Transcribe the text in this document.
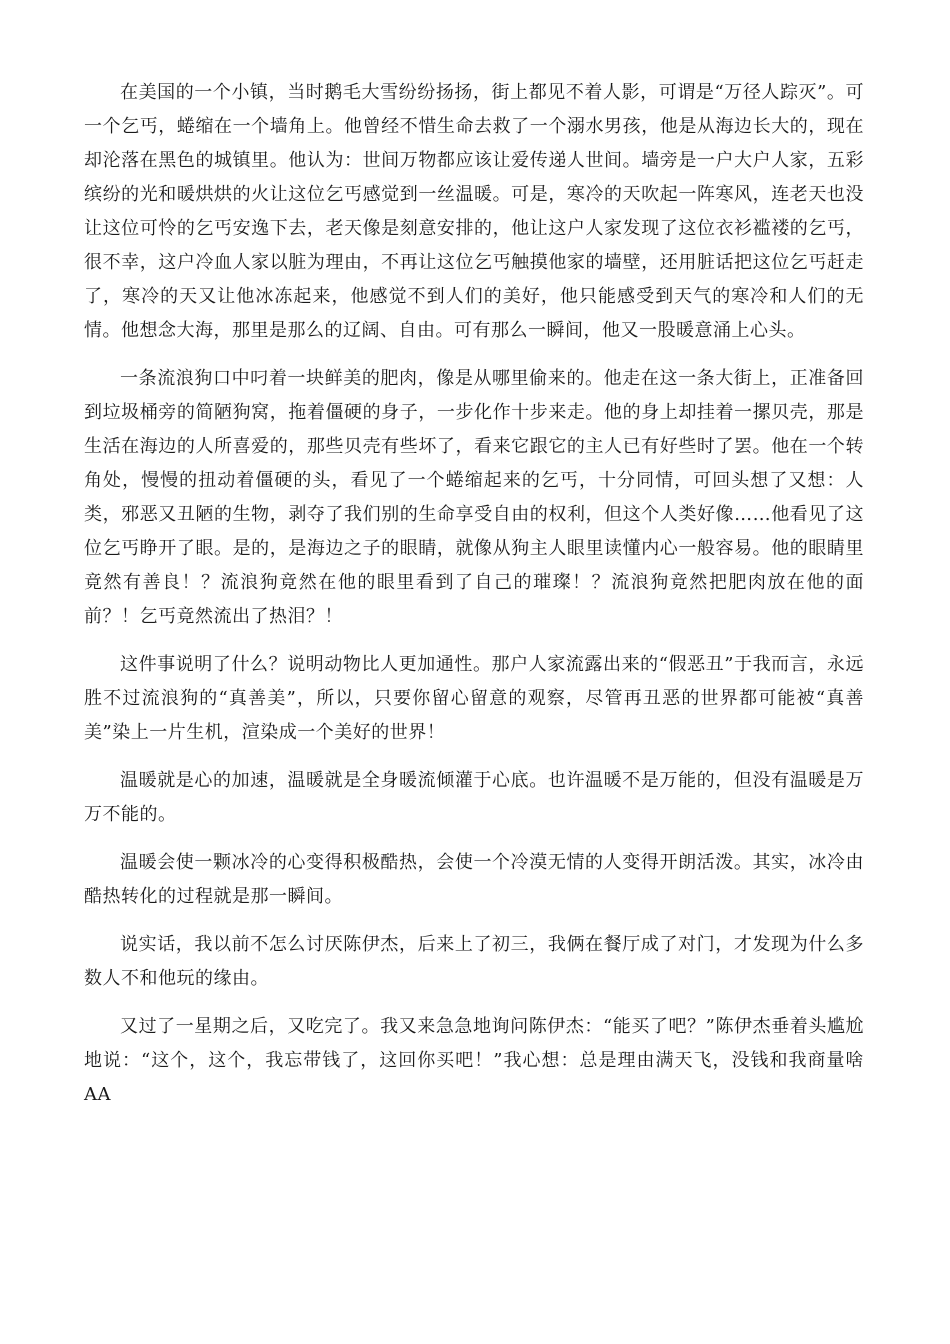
在美国的一个小镇，当时鹅毛大雪纷纷扬扬，街上都见不着人影，可谓是“万径人踪灭”。可一个乞丐，蜷缩在一个墙角上。他曾经不惜生命去救了一个溺水男孩，他是从海边长大的，现在却沦落在黑色的城镇里。他认为：世间万物都应该让爱传递人世间。墙旁是一户大户人家，五彩缤纷的光和暖烘烘的火让这位乞丐感觉到一丝温暖。可是，寒冷的天吹起一阵寒风，连老天也没让这位可怜的乞丐安逸下去，老天像是刻意安排的，他让这户人家发现了这位衣衫褴褛的乞丐，很不幸，这户冷血人家以脏为理由，不再让这位乞丐触摸他家的墙壁，还用脏话把这位乞丐赶走了，寒冷的天又让他冰冻起来，他感觉不到人们的美好，他只能感受到天气的寒冷和人们的无情。他想念大海，那里是那么的辽阔、自由。可有那么一瞬间，他又一股暖意涌上心头。

一条流浪狗口中叼着一块鲜美的肥肉，像是从哪里偷来的。他走在这一条大街上，正准备回到垃圾桶旁的简陋狗窝，拖着僵硬的身子，一步化作十步来走。他的身上却挂着一摞贝壳，那是生活在海边的人所喜爱的，那些贝壳有些坏了，看来它跟它的主人已有好些时了罢。他在一个转角处，慢慢的扭动着僵硬的头，看见了一个蜷缩起来的乞丐，十分同情，可回头想了又想：人类，邪恶又丑陋的生物，剥夺了我们别的生命享受自由的权利，但这个人类好像……他看见了这位乞丐睁开了眼。是的，是海边之子的眼睛，就像从狗主人眼里读懂内心一般容易。他的眼睛里竟然有善良！？流浪狗竟然在他的眼里看到了自己的璀璨！？流浪狗竟然把肥肉放在他的面前？！乞丐竟然流出了热泪？！

这件事说明了什么？说明动物比人更加通性。那户人家流露出来的“假恶丑”于我而言，永远胜不过流浪狗的“真善美”，所以，只要你留心留意的观察，尽管再丑恶的世界都可能被“真善美”染上一片生机，渲染成一个美好的世界！

温暖就是心的加速，温暖就是全身暖流倾灌于心底。也许温暖不是万能的，但没有温暖是万万不能的。

温暖会使一颗冰冷的心变得积极酷热，会使一个冷漠无情的人变得开朗活泼。其实，冰冷由酷热转化的过程就是那一瞬间。

说实话，我以前不怎么讨厌陈伊杰，后来上了初三，我俩在餐厅成了对门，才发现为什么多数人不和他玩的缘由。

又过了一星期之后，又吃完了。我又来急急地询问陈伊杰：“能买了吧？”陈伊杰垂着头尴尬地说：“这个，这个，我忘带钱了，这回你买吧！”我心想：总是理由满天飞，没钱和我商量啥AA
